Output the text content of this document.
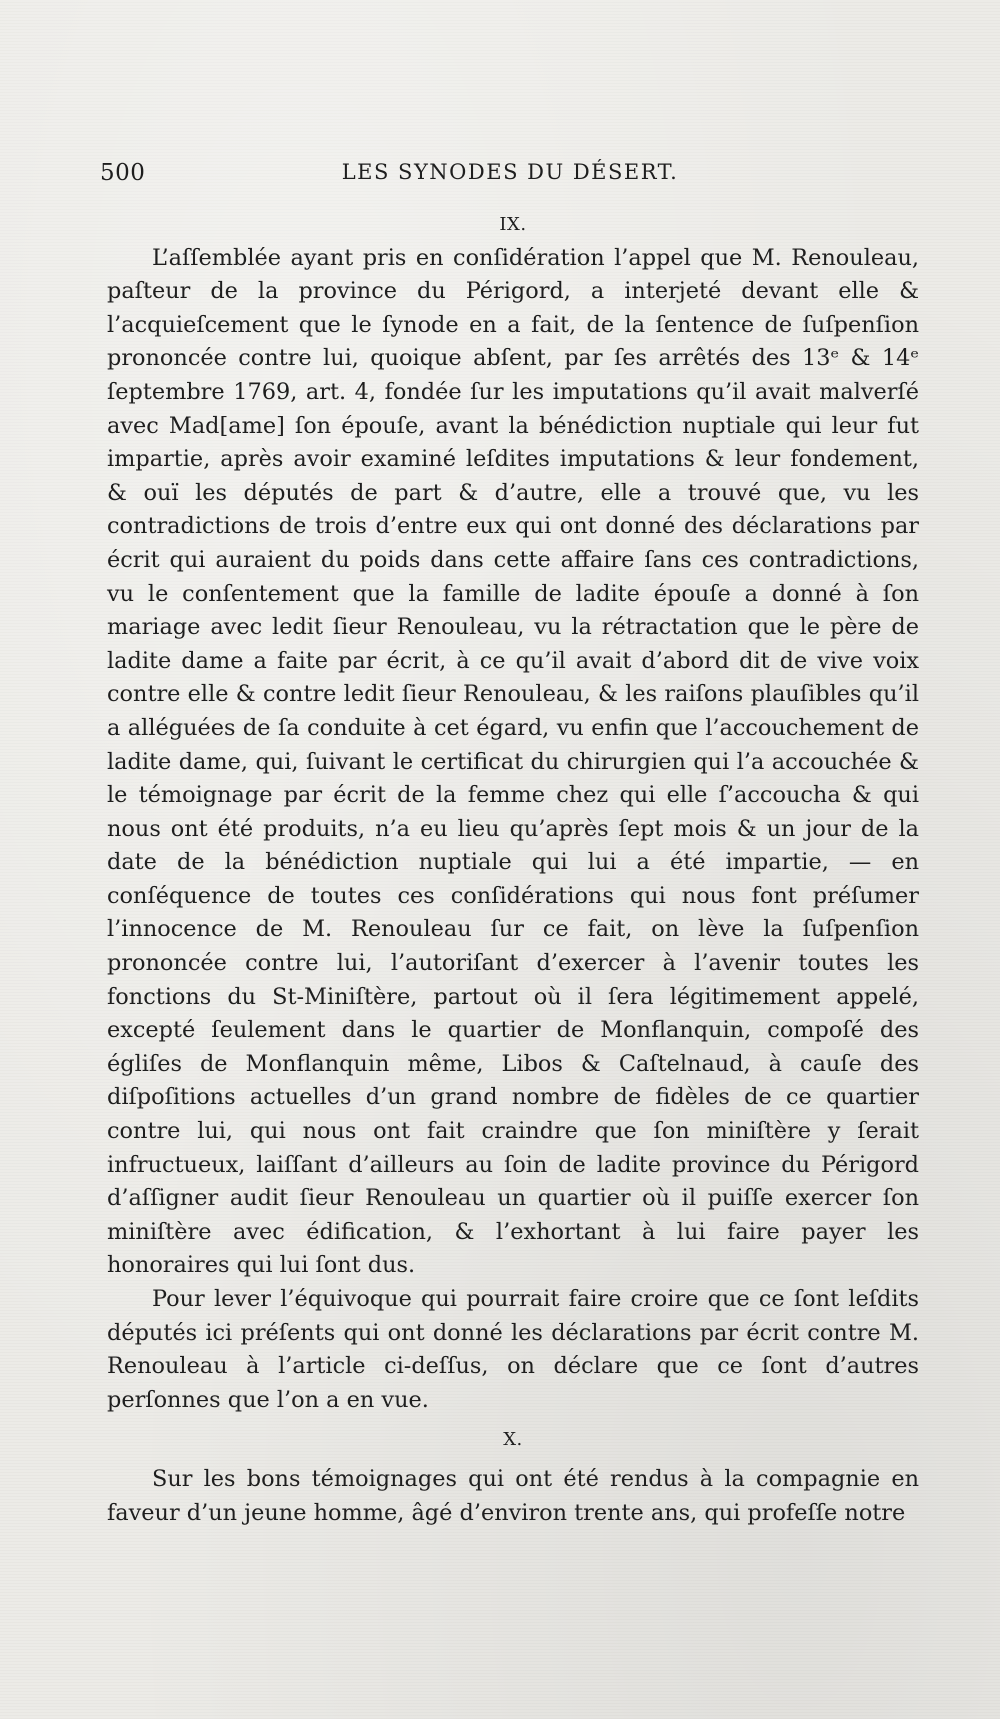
500	LES SYNODES DU DÉSERT.
IX.

L’aſſemblée ayant pris en conſidération l’appel que M. Renouleau, paſteur de la province du Périgord, a interjeté devant elle & l’acquieſcement que le ſynode en a fait, de la ſentence de ſuſpenſion prononcée contre lui, quoique abſent, par ſes arrêtés des 13ᵉ & 14ᵉ ſeptembre 1769, art. 4, fondée ſur les imputations qu’il avait malverſé avec Mad[ame] ſon épouſe, avant la bénédiction nuptiale qui leur fut impartie, après avoir examiné leſdites imputations & leur fondement, & ouï les députés de part & d’autre, elle a trouvé que, vu les contradictions de trois d’entre eux qui ont donné des déclarations par écrit qui auraient du poids dans cette affaire ſans ces contradictions, vu le conſentement que la famille de ladite épouſe a donné à ſon mariage avec ledit ſieur Renouleau, vu la rétractation que le père de ladite dame a faite par écrit, à ce qu’il avait d’abord dit de vive voix contre elle & contre ledit ſieur Renouleau, & les raiſons plauſibles qu’il a alléguées de ſa conduite à cet égard, vu enfin que l’accouchement de ladite dame, qui, ſuivant le certificat du chirurgien qui l’a accouchée & le témoignage par écrit de la femme chez qui elle ſ’accoucha & qui nous ont été produits, n’a eu lieu qu’après ſept mois & un jour de la date de la bénédiction nuptiale qui lui a été impartie, — en conſéquence de toutes ces conſidérations qui nous font préſumer l’innocence de M. Renouleau ſur ce fait, on lève la ſuſpenſion prononcée contre lui, l’autoriſant d’exercer à l’avenir toutes les fonctions du St-Miniſtère, partout où il ſera légitimement appelé, excepté ſeulement dans le quartier de Monflanquin, compoſé des égliſes de Monflanquin même, Libos & Caſtelnaud, à cauſe des diſpoſitions actuelles d’un grand nombre de fidèles de ce quartier contre lui, qui nous ont fait craindre que ſon miniſtère y ſerait infructueux, laiſſant d’ailleurs au ſoin de ladite province du Périgord d’aſſigner audit ſieur Renouleau un quartier où il puiſſe exercer ſon miniſtère avec édification, & l’exhortant à lui faire payer les honoraires qui lui ſont dus.

Pour lever l’équivoque qui pourrait faire croire que ce ſont leſdits députés ici préſents qui ont donné les déclarations par écrit contre M. Renouleau à l’article ci-deſſus, on déclare que ce ſont d’autres perſonnes que l’on a en vue.

X.

Sur les bons témoignages qui ont été rendus à la compagnie en faveur d’un jeune homme, âgé d’environ trente ans, qui profeſſe notre
